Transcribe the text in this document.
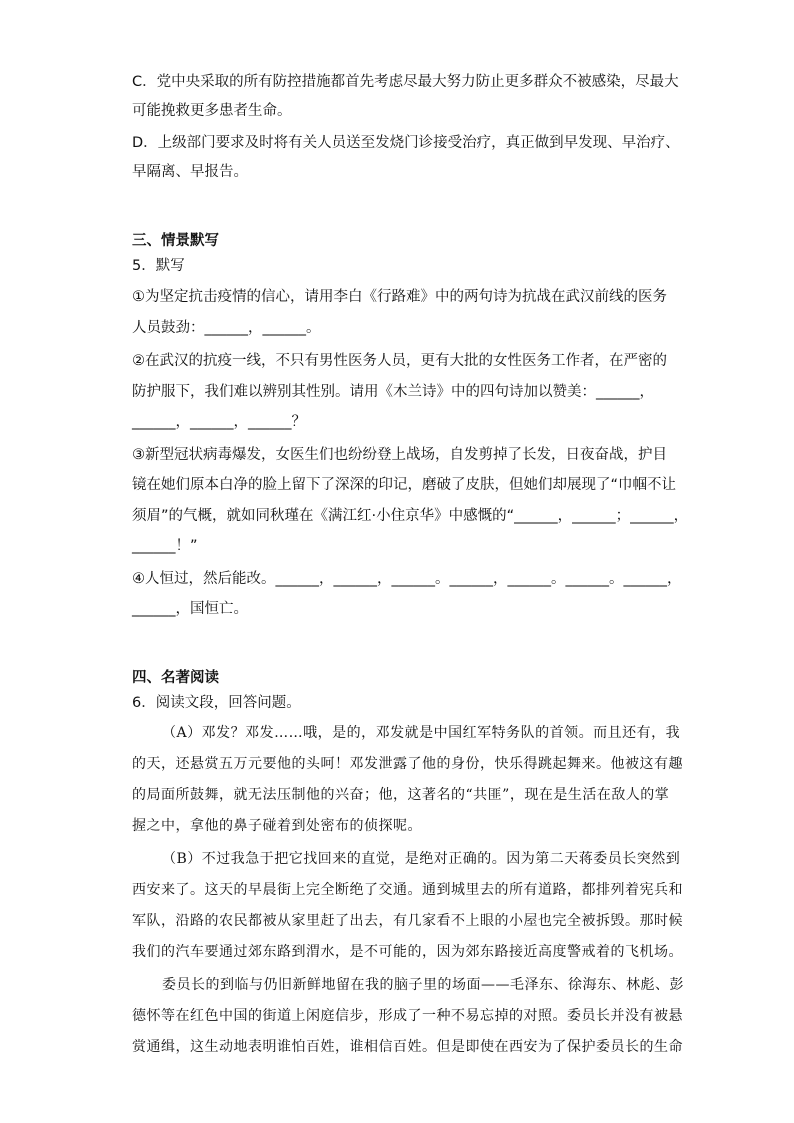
C．党中央采取的所有防控措施都首先考虑尽最大努力防止更多群众不被感染，尽最大
可能挽救更多患者生命。
D．上级部门要求及时将有关人员送至发烧门诊接受治疗，真正做到早发现、早治疗、
早隔离、早报告。
三、情景默写
5．默写
①为坚定抗击疫情的信心，请用李白《行路难》中的两句诗为抗战在武汉前线的医务
人员鼓劲：______，______。
②在武汉的抗疫一线，不只有男性医务人员，更有大批的女性医务工作者，在严密的
防护服下，我们难以辨别其性别。请用《木兰诗》中的四句诗加以赞美：______，
______，______，______？
③新型冠状病毒爆发，女医生们也纷纷登上战场，自发剪掉了长发，日夜奋战，护目
镜在她们原本白净的脸上留下了深深的印记，磨破了皮肤，但她们却展现了“巾帼不让
须眉”的气概，就如同秋瑾在《满江红·小住京华》中感慨的“______，______；______，
______！”
④人恒过，然后能改。______，______，______。______，______。______。______，
______，国恒亡。
四、名著阅读
6．阅读文段，回答问题。
（A）邓发？邓发……哦，是的，邓发就是中国红军特务队的首领。而且还有，我
的天，还悬赏五万元要他的头呵！邓发泄露了他的身份，快乐得跳起舞来。他被这有趣
的局面所鼓舞，就无法压制他的兴奋；他，这著名的“共匪”，现在是生活在敌人的掌
握之中，拿他的鼻子碰着到处密布的侦探呢。
（B）不过我急于把它找回来的直觉，是绝对正确的。因为第二天蒋委员长突然到
西安来了。这天的早晨街上完全断绝了交通。通到城里去的所有道路，都排列着宪兵和
军队，沿路的农民都被从家里赶了出去，有几家看不上眼的小屋也完全被拆毁。那时候
我们的汽车要通过郊东路到渭水，是不可能的，因为郊东路接近高度警戒着的飞机场。
委员长的到临与仍旧新鲜地留在我的脑子里的场面——毛泽东、徐海东、林彪、彭
德怀等在红色中国的街道上闲庭信步，形成了一种不易忘掉的对照。委员长并没有被悬
赏通缉，这生动地表明谁怕百姓，谁相信百姓。但是即使在西安为了保护委员长的生命
